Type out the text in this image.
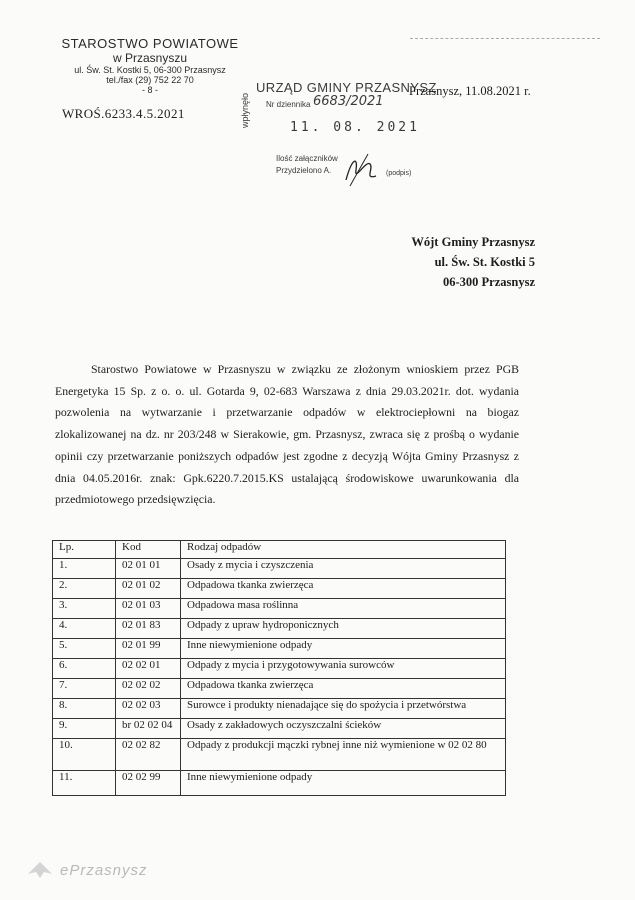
STAROSTWO POWIATOWE
w Przasnyszu
ul. Św. St. Kostki 5, 06-300 Przasnysz
tel./fax (29) 752 22 70
- 8 -
WROŚ.6233.4.5.2021
URZĄD GMINY PRZASNYSZ
Nr dziennika 6683/2021
wpłynęło	11. 08. 2021
Ilość załączników
Przydzielono A.	(podpis)
Przasnysz, 11.08.2021 r.
Wójt Gminy Przasnysz
ul. Św. St. Kostki 5
06-300 Przasnysz
Starostwo Powiatowe w Przasnyszu w związku ze złożonym wnioskiem przez PGB Energetyka 15 Sp. z o. o. ul. Gotarda 9, 02-683 Warszawa z dnia 29.03.2021r. dot. wydania pozwolenia na wytwarzanie i przetwarzanie odpadów w elektrociepłowni na biogaz zlokalizowanej na dz. nr 203/248 w Sierakowie, gm. Przasnysz, zwraca się z prośbą o wydanie opinii czy przetwarzanie poniższych odpadów jest zgodne z decyzją Wójta Gminy Przasnysz z dnia 04.05.2016r. znak: Gpk.6220.7.2015.KS ustalającą środowiskowe uwarunkowania dla przedmiotowego przedsięwzięcia.
Lp.	Kod	Rodzaj odpadów
1.	02 01 01	Osady z mycia i czyszczenia
2.	02 01 02	Odpadowa tkanka zwierzęca
3.	02 01 03	Odpadowa masa roślinna
4.	02 01 83	Odpady z upraw hydroponicznych
5.	02 01 99	Inne niewymienione odpady
6.	02 02 01	Odpady z mycia i przygotowywania surowców
7.	02 02 02	Odpadowa tkanka zwierzęca
8.	02 02 03	Surowce i produkty nienadające się do spożycia i przetwórstwa
9.	br 02 02 04	Osady z zakładowych oczyszczalni ścieków
10.	02 02 82	Odpady z produkcji mączki rybnej inne niż wymienione w 02 02 80
11.	02 02 99	Inne niewymienione odpady
ePrzasnysz
